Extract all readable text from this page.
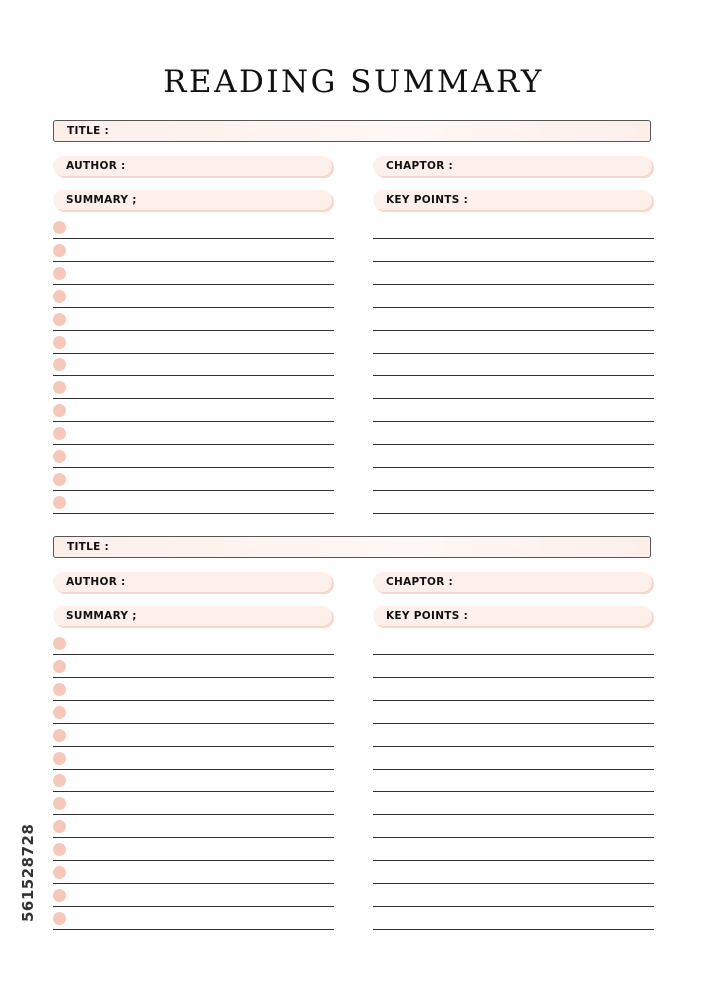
READING SUMMARY
TITLE :
AUTHOR :	CHAPTOR :
SUMMARY ;	KEY POINTS :
TITLE :
AUTHOR :	CHAPTOR :
SUMMARY ;	KEY POINTS :
561528728
